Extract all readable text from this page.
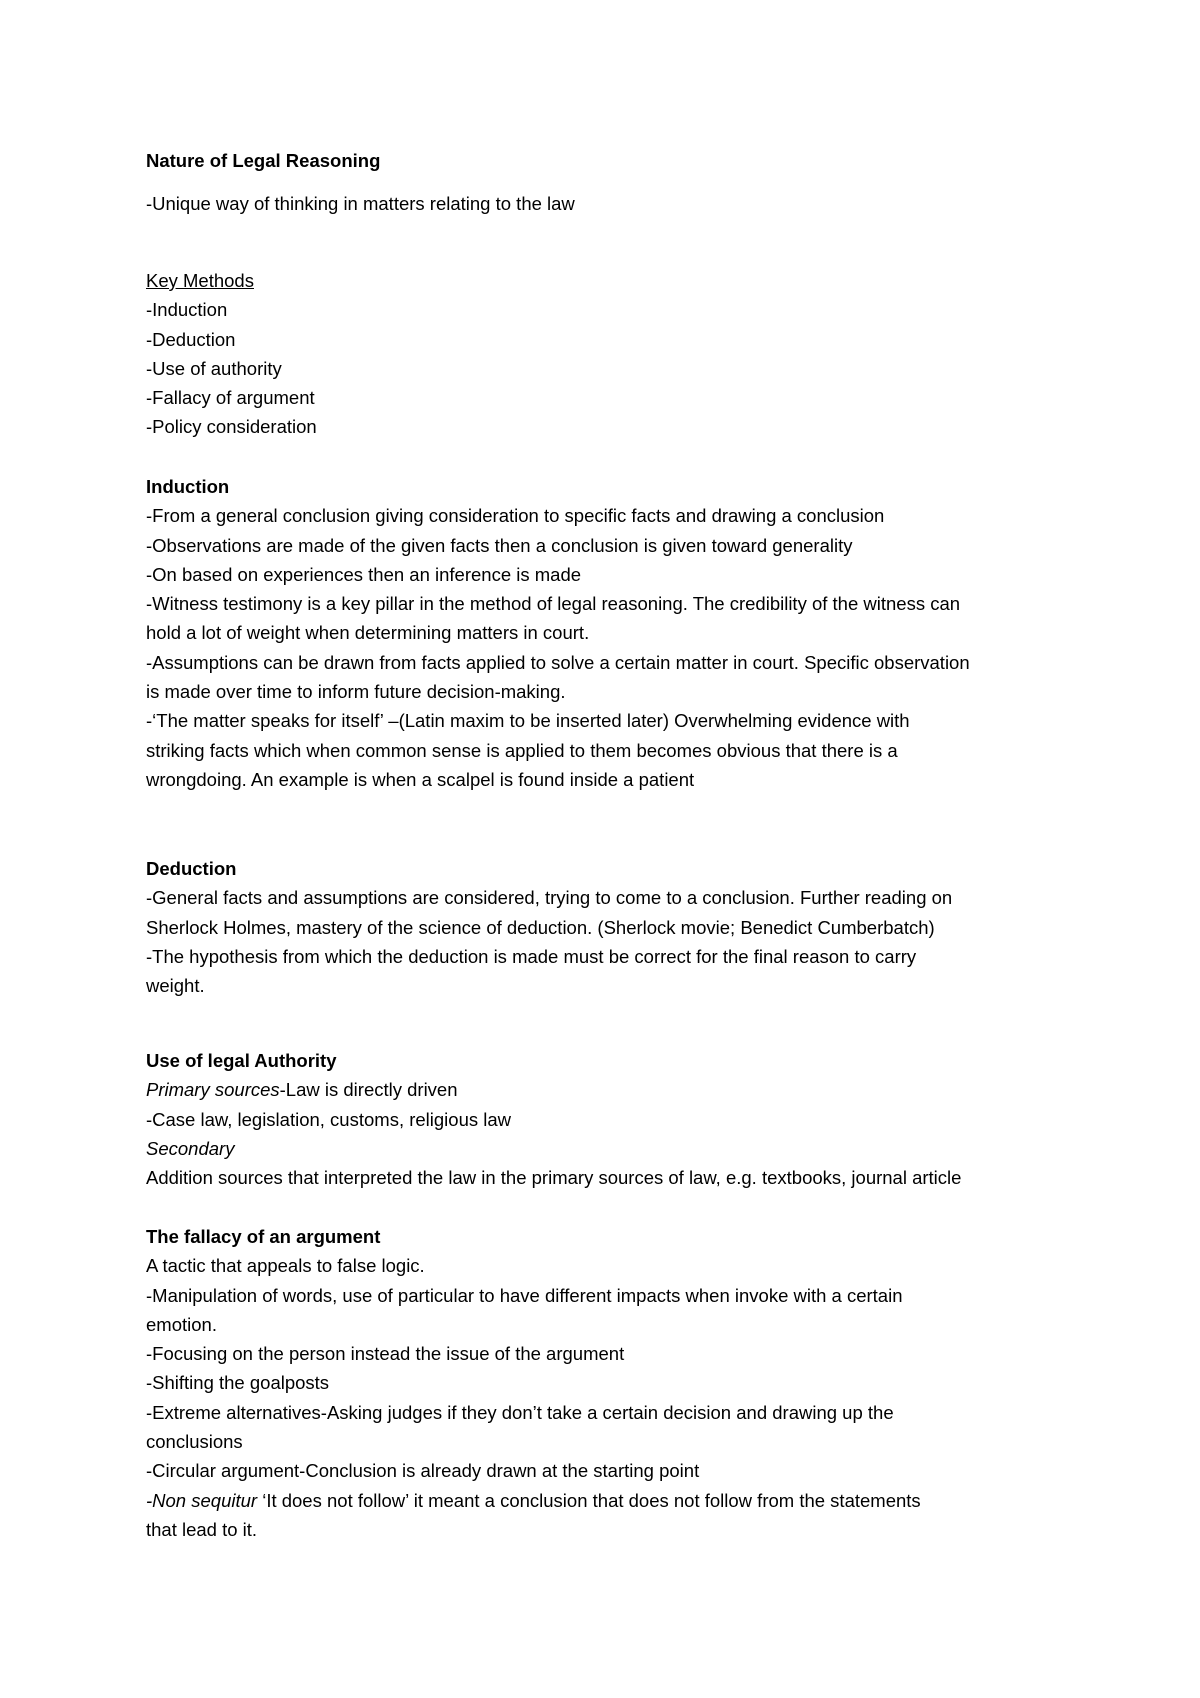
Nature of Legal Reasoning
-Unique way of thinking in matters relating to the law
Key Methods
-Induction
-Deduction
-Use of authority
-Fallacy of argument
-Policy consideration
Induction
-From a general conclusion giving consideration to specific facts and drawing a conclusion
-Observations are made of the given facts then a conclusion is given toward generality
-On based on experiences then an inference is made
-Witness testimony is a key pillar in the method of legal reasoning. The credibility of the witness can
hold a lot of weight when determining matters in court.
-Assumptions can be drawn from facts applied to solve a certain matter in court. Specific observation
is made over time to inform future decision-making.
-‘The matter speaks for itself’ –(Latin maxim to be inserted later) Overwhelming evidence with
striking facts which when common sense is applied to them becomes obvious that there is a
wrongdoing. An example is when a scalpel is found inside a patient
Deduction
-General facts and assumptions are considered, trying to come to a conclusion. Further reading on
Sherlock Holmes, mastery of the science of deduction. (Sherlock movie; Benedict Cumberbatch)
-The hypothesis from which the deduction is made must be correct for the final reason to carry
weight.
Use of legal Authority
Primary sources-Law is directly driven
-Case law, legislation, customs, religious law
Secondary
Addition sources that interpreted the law in the primary sources of law, e.g. textbooks, journal article
The fallacy of an argument
A tactic that appeals to false logic.
-Manipulation of words, use of particular to have different impacts when invoke with a certain
emotion.
-Focusing on the person instead the issue of the argument
-Shifting the goalposts
-Extreme alternatives-Asking judges if they don’t take a certain decision and drawing up the
conclusions
-Circular argument-Conclusion is already drawn at the starting point
-Non sequitur ‘It does not follow’ it meant a conclusion that does not follow from the statements
that lead to it.
